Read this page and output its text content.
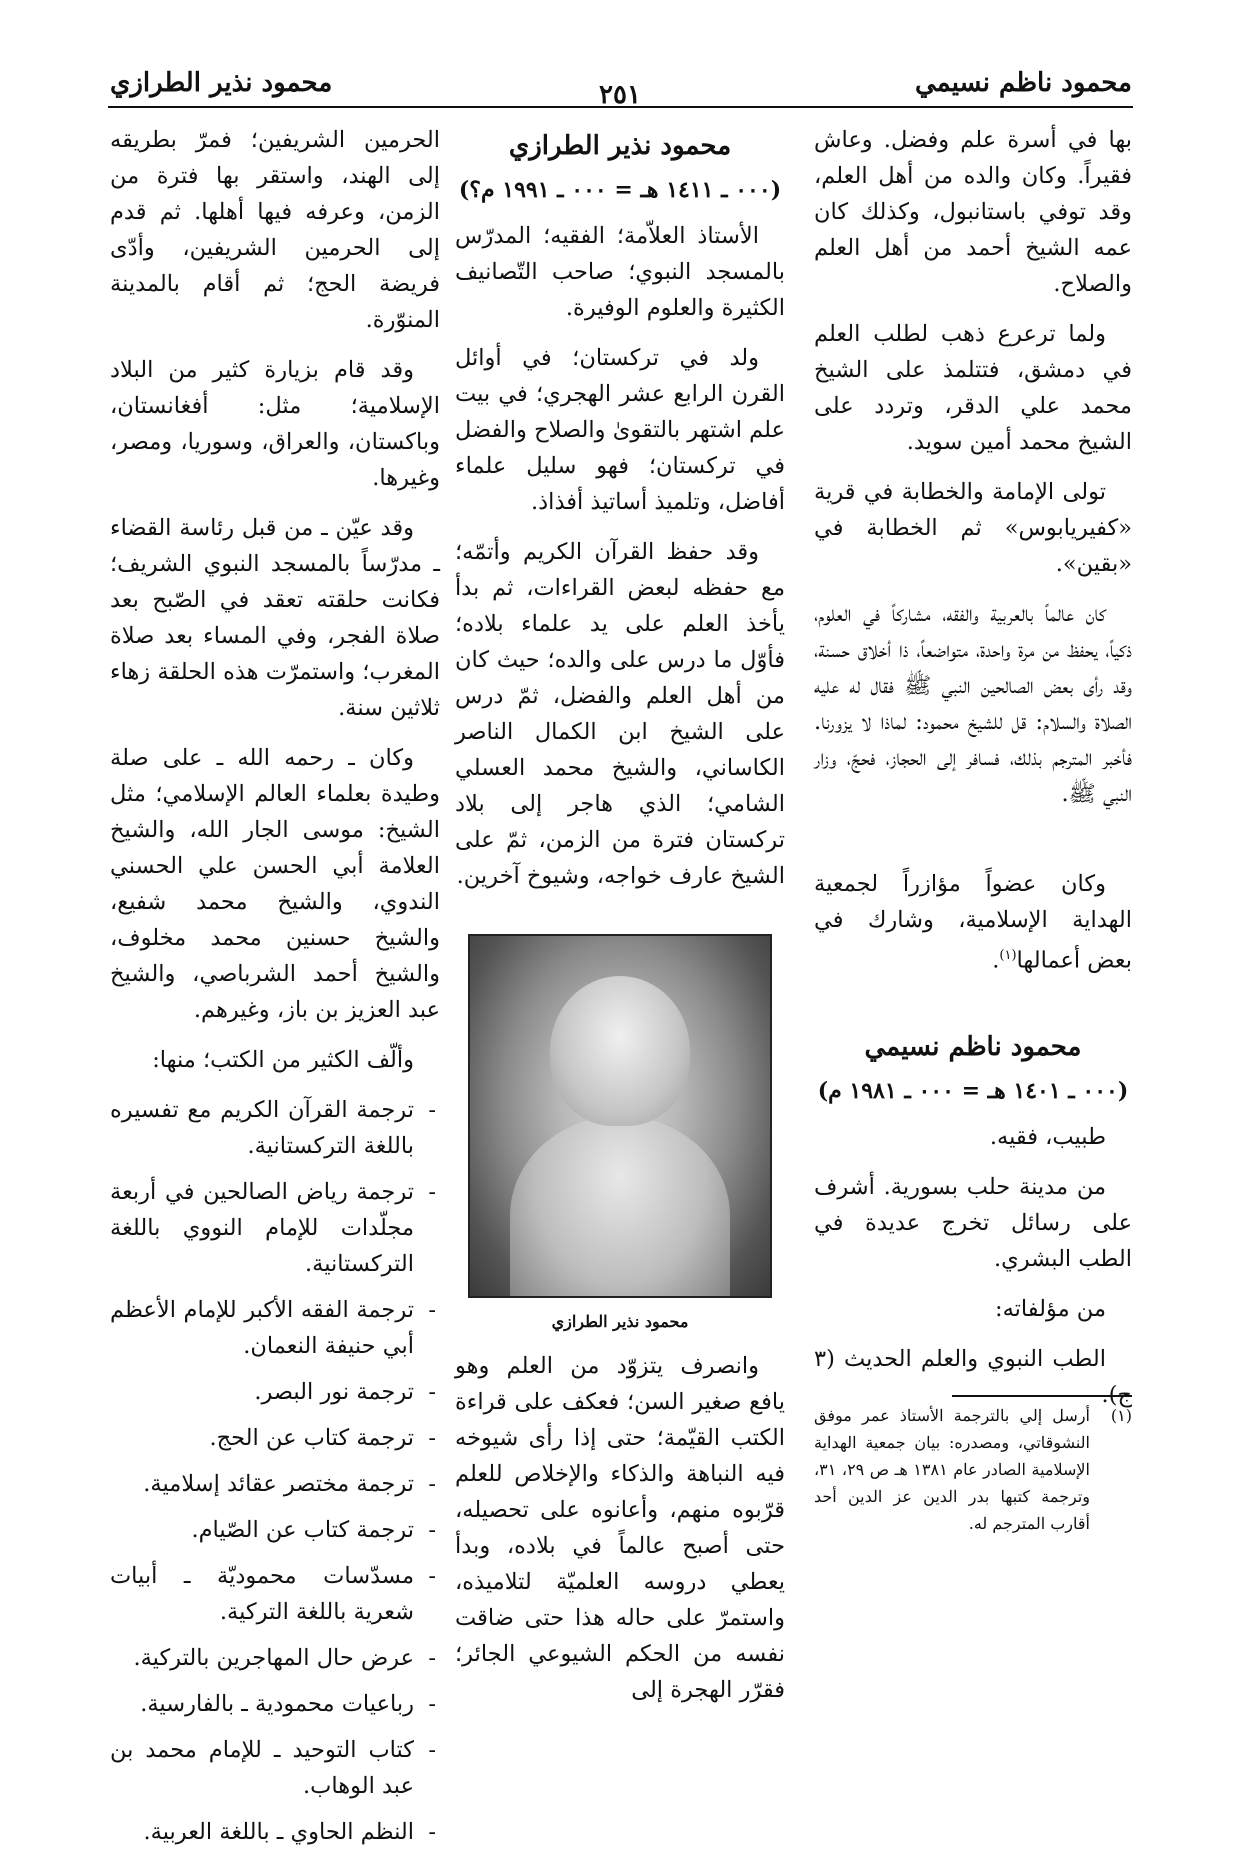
محمود ناظم نسيمي
٢٥١
محمود نذير الطرازي

بها في أسرة علم وفضل. وعاش فقيراً. وكان والده من أهل العلم، وقد توفي باستانبول، وكذلك كان عمه الشيخ أحمد من أهل العلم والصلاح.

ولما ترعرع ذهب لطلب العلم في دمشق، فتتلمذ على الشيخ محمد علي الدقر، وتردد على الشيخ محمد أمين سويد.

تولى الإمامة والخطابة في قرية «كفيريابوس» ثم الخطابة في «بقين».

كان عالماً بالعربية والفقه، مشاركاً في العلوم، ذكياً، يحفظ من مرة واحدة، متواضعاً، ذا أخلاق حسنة، وقد رأى بعض الصالحين النبي ﷺ فقال له عليه الصلاة والسلام: قل للشيخ محمود: لماذا لا يزورنا. فأخبر المترجم بذلك، فسافر إلى الحجاز، فحجّ، وزار النبي ﷺ.

وكان عضواً مؤازراً لجمعية الهداية الإسلامية، وشارك في بعض أعمالها$^{(١)}$.

محمود ناظم نسيمي
(٠٠٠ ـ ١٤٠١ هـ = ٠٠٠ ـ ١٩٨١ م)

طبيب، فقيه.

من مدينة حلب بسورية. أشرف على رسائل تخرج عديدة في الطب البشري.

من مؤلفاته:

الطب النبوي والعلم الحديث (٣ ج).

(١)
أرسل إلي بالترجمة الأستاذ عمر موفق النشوقاتي، ومصدره: بيان جمعية الهداية الإسلامية الصادر عام ١٣٨١ هـ ص ٢٩، ٣١، وترجمة كتبها بدر الدين عز الدين أحد أقارب المترجم له.
محمود نذير الطرازي
(٠٠٠ ـ ١٤١١ هـ = ٠٠٠ ـ ١٩٩١ م؟)

الأستاذ العلاّمة؛ الفقيه؛ المدرّس بالمسجد النبوي؛ صاحب التّصانيف الكثيرة والعلوم الوفيرة.

ولد في تركستان؛ في أوائل القرن الرابع عشر الهجري؛ في بيت علم اشتهر بالتقوىٰ والصلاح والفضل في تركستان؛ فهو سليل علماء أفاضل، وتلميذ أساتيذ أفذاذ.

وقد حفظ القرآن الكريم وأتمّه؛ مع حفظه لبعض القراءات، ثم بدأ يأخذ العلم على يد علماء بلاده؛ فأوّل ما درس على والده؛ حيث كان من أهل العلم والفضل، ثمّ درس على الشيخ ابن الكمال الناصر الكاساني، والشيخ محمد العسلي الشامي؛ الذي هاجر إلى بلاد تركستان فترة من الزمن، ثمّ على الشيخ عارف خواجه، وشيوخ آخرين.

محمود نذير الطرازي

وانصرف يتزوّد من العلم وهو يافع صغير السن؛ فعكف على قراءة الكتب القيّمة؛ حتى إذا رأى شيوخه فيه النباهة والذكاء والإخلاص للعلم قرّبوه منهم، وأعانوه على تحصيله، حتى أصبح عالماً في بلاده، وبدأ يعطي دروسه العلميّة لتلاميذه، واستمرّ على حاله هذا حتى ضاقت نفسه من الحكم الشيوعي الجائر؛ فقرّر الهجرة إلى

الحرمين الشريفين؛ فمرّ بطريقه إلى الهند، واستقر بها فترة من الزمن، وعرفه فيها أهلها. ثم قدم إلى الحرمين الشريفين، وأدّى فريضة الحج؛ ثم أقام بالمدينة المنوّرة.

وقد قام بزيارة كثير من البلاد الإسلامية؛ مثل: أفغانستان، وباكستان، والعراق، وسوريا، ومصر، وغيرها.

وقد عيّن ـ من قبل رئاسة القضاء ـ مدرّساً بالمسجد النبوي الشريف؛ فكانت حلقته تعقد في الصّبح بعد صلاة الفجر، وفي المساء بعد صلاة المغرب؛ واستمرّت هذه الحلقة زهاء ثلاثين سنة.

وكان ـ رحمه الله ـ على صلة وطيدة بعلماء العالم الإسلامي؛ مثل الشيخ: موسى الجار الله، والشيخ العلامة أبي الحسن علي الحسني الندوي، والشيخ محمد شفيع، والشيخ حسنين محمد مخلوف، والشيخ أحمد الشرباصي، والشيخ عبد العزيز بن باز، وغيرهم.

وألّف الكثير من الكتب؛ منها:

- ترجمة القرآن الكريم مع تفسيره باللغة التركستانية.
- ترجمة رياض الصالحين في أربعة مجلّدات للإمام النووي باللغة التركستانية.
- ترجمة الفقه الأكبر للإمام الأعظم أبي حنيفة النعمان.
- ترجمة نور البصر.
- ترجمة كتاب عن الحج.
- ترجمة مختصر عقائد إسلامية.
- ترجمة كتاب عن الصّيام.
- مسدّسات محموديّة ـ أبيات شعرية باللغة التركية.
- عرض حال المهاجرين بالتركية.
- رباعيات محمودية ـ بالفارسية.
- كتاب التوحيد ـ للإمام محمد بن عبد الوهاب.
- النظم الحاوي ـ باللغة العربية.
